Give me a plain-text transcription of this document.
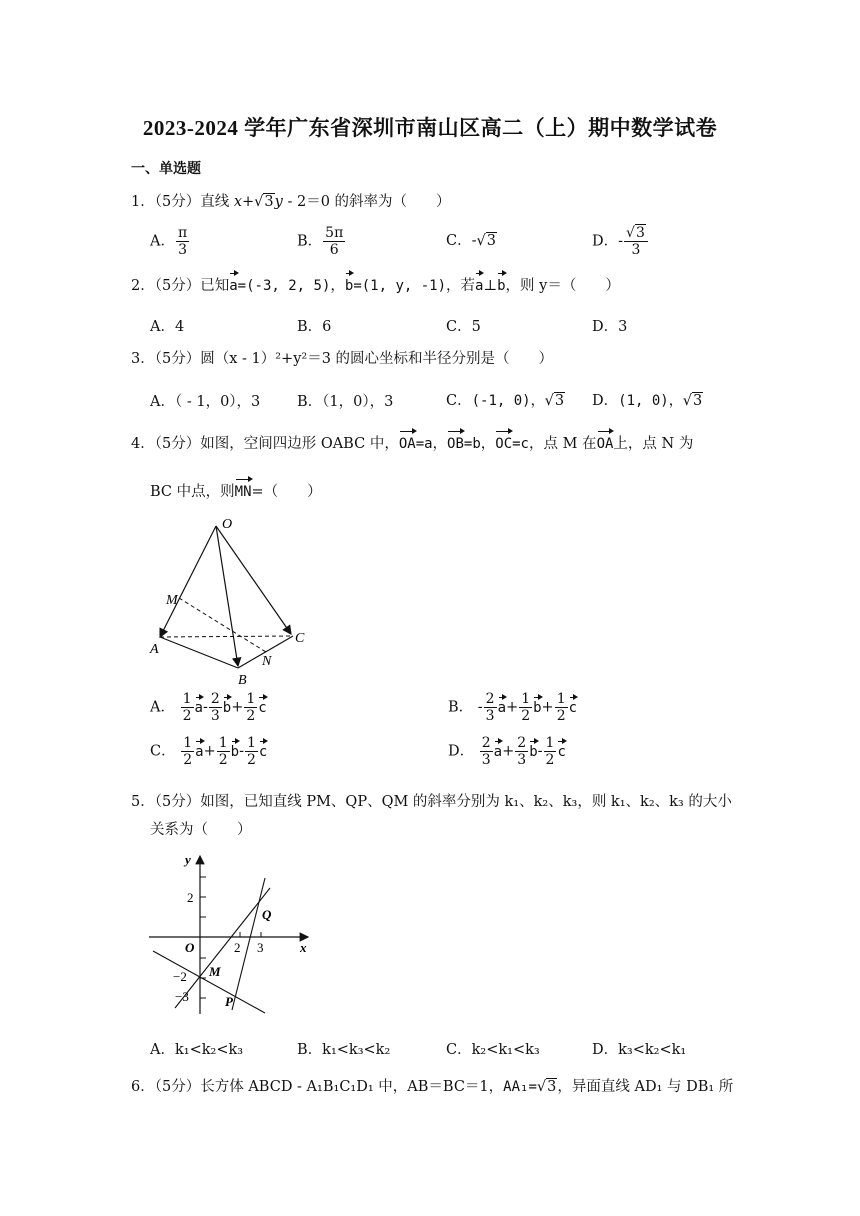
2023-2024 学年广东省深圳市南山区高二（上）期中数学试卷
一、单选题
1．（5分）直线 x+√3y - 2＝0 的斜率为（　　）
A． $\frac{\pi}{3}$	B． $\frac{5\pi}{6}$	C．-√3	D．- $\frac{√3}{3}$
2．（5分）已知a=(-3, 2, 5)，b=(1, y, -1)，若a⊥b，则 y＝（　　）
A．4	B．6	C．5	D．3
3．（5分）圆（x - 1）²+y²＝3 的圆心坐标和半径分别是（　　）
A．（ - 1，0），3	B．（1，0），3	C．(-1, 0)，√3 D．(1, 0)，√3
4．（5分）如图，空间四边形 OABC 中，OA=a，OB=b，OC=c，点 M 在OA上，点 N 为
BC 中点，则MN=（　　）
O
M
A
B
C
N
A． $\frac{1}{2} a- \frac{2}{3} b+ \frac{1}{2}$ c	B． - $\frac{2}{3} a+ \frac{1}{2} b+ \frac{1}{2}$ c
C． $\frac{1}{2} a+ \frac{1}{2} b- \frac{1}{2}$ c	D． $\frac{2}{3} a+ \frac{2}{3} b- \frac{1}{2}$ c
5．（5分）如图，已知直线 PM、QP、QM 的斜率分别为 k₁、k₂、k₃，则 k₁、k₂、k₃ 的大小
关系为（　　）
y
x
O
2
2 3
−2
−3
M
Q
P
A．k₁<k₂<k₃	B．k₁<k₃<k₂	C．k₂<k₁<k₃	D．k₃<k₂<k₁
6．（5分）长方体 ABCD - A₁B₁C₁D₁ 中，AB＝BC＝1，AA₁=√3，异面直线 AD₁ 与 DB₁ 所
